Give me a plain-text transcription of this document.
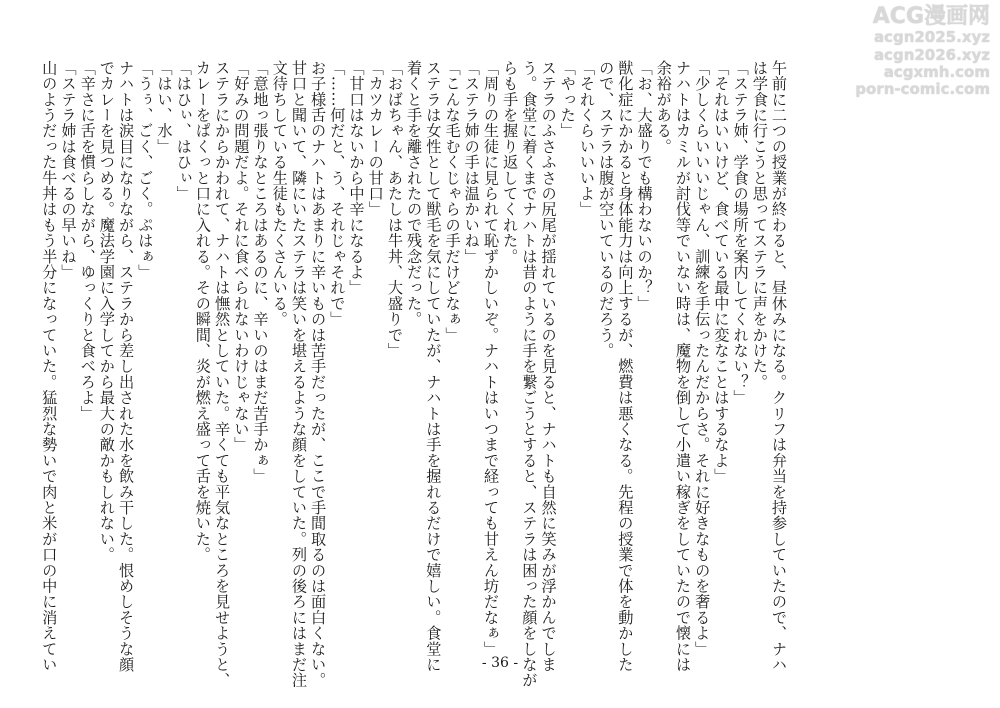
ACG漫画网
acgn2025.xyz
acgn2026.xyz
acgxmh.com
porn-comic.com
午前に二つの授業が終わると、昼休みになる。クリフは弁当を持参していたので、ナハ
は学食に行こうと思ってステラに声をかけた。
「ステラ姉、学食の場所を案内してくれない？」
「それはいいけど、食べている最中に変なことはするなよ」
「少しくらいいいじゃん、訓練を手伝ったんだからさ。それに好きなものを奢るよ」
ナハトはカミルが討伐等でいない時は、魔物を倒して小遣い稼ぎをしていたので懐には
余裕がある。
「お、大盛りでも構わないのか？」
獣化症にかかると身体能力は向上するが、燃費は悪くなる。先程の授業で体を動かした
ので、ステラは腹が空いているのだろう。
「それくらいいいよ」
「やった」
ステラのふさふさの尻尾が揺れているのを見ると、ナハトも自然に笑みが浮かんでしま
う。食堂に着くまでナハトは昔のように手を繋ごうとすると、ステラは困った顔をしなが
らも手を握り返してくれた。
「周りの生徒に見られて恥ずかしいぞ。ナハトはいつまで経っても甘えん坊だなぁ」
「ステラ姉の手は温かいね」
「こんな毛むくじゃらの手だけどなぁ」
ステラは女性として獣毛を気にしていたが、ナハトは手を握れるだけで嬉しい。食堂に
着くと手を離されたので残念だった。
「おばちゃん、あたしは牛丼、大盛りで」
「カツカレーの甘口」
「甘口はないから中辛になるよ」
「……何だと、う、それじゃそれで」
お子様舌のナハトはあまりに辛いものは苦手だったが、ここで手間取るのは面白くない。
甘口と聞いて、隣にいたステラは笑いを堪えるような顔をしていた。列の後ろにはまだ注
文待ちしている生徒もたくさんいる。
「意地っ張りなところはあるのに、辛いのはまだ苦手かぁ」
「好みの問題だよ。それに食べられないわけじゃない」
ステラにからかわれて、ナハトは憮然としていた。辛くても平気なところを見せようと、
カレーをぱくっと口に入れる。その瞬間、炎が燃え盛って舌を焼いた。
「はひぃ、はひぃ」
「はい、水」
「うぅ、ごく、ごく。ぷはぁ」
ナハトは涙目になりながら、ステラから差し出された水を飲み干した。恨めしそうな顔
でカレーを見つめる。魔法学園に入学してから最大の敵かもしれない。
「辛さに舌を慣らしながら、ゆっくりと食べろよ」
「ステラ姉は食べるの早いね」
山のようだった牛丼はもう半分になっていた。猛烈な勢いで肉と米が口の中に消えてい	- 36 -
